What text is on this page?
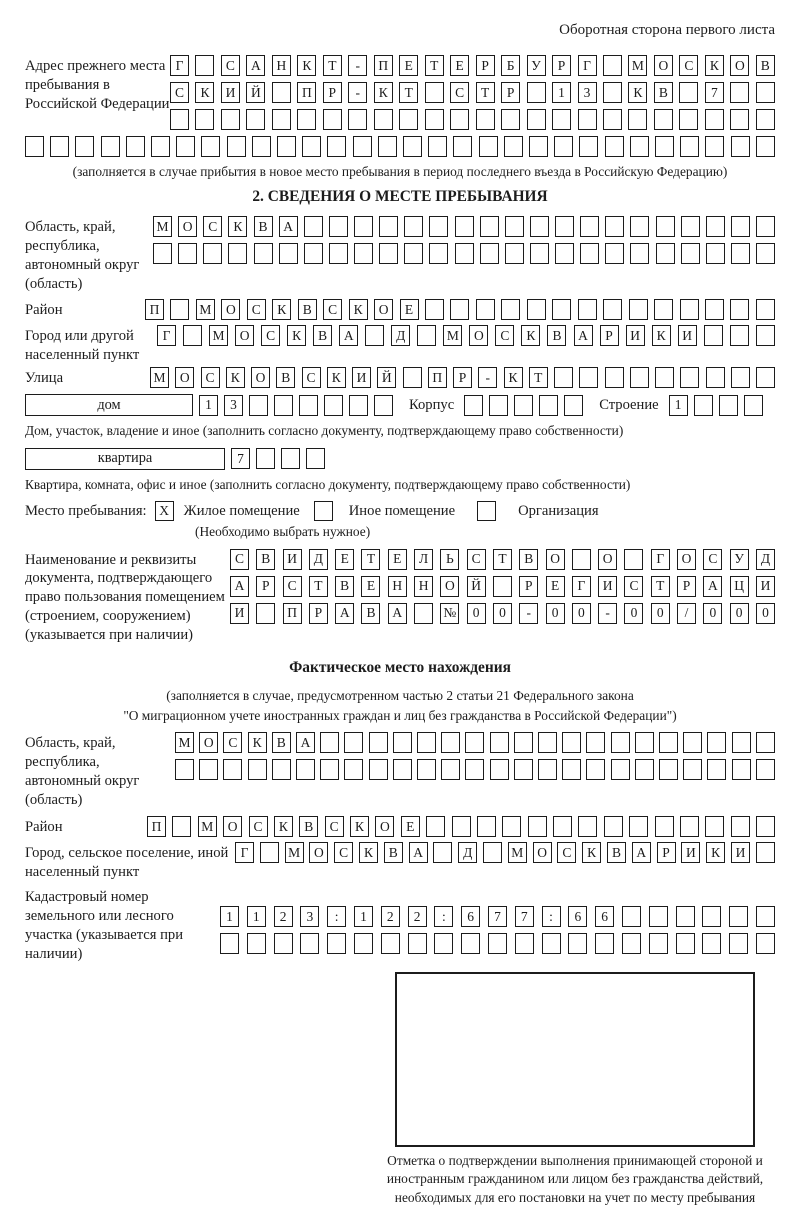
Оборотная сторона первого листа
Адрес прежнего места пребывания в Российской Федерации
Г	С	А	Н	К	Т	-	П	Е	Т	Е	Р	Б	У	Р	Г	М	О	С	К	О	В
С	К	И	Й	П	Р	-	К	Т	С	Т	Р	1	3	К	В	7
(заполняется в случае прибытия в новое место пребывания в период последнего въезда в Российскую Федерацию)
2. СВЕДЕНИЯ О МЕСТЕ ПРЕБЫВАНИЯ
Область, край, республика, автономный округ (область)
М	О	С	К	В	А
Район	П	М	О	С	К	В	С	К	О	Е
Город или другой населенный пункт
Г	М	О	С	К	В	А	Д	М	О	С	К	В	А	Р	И	К	И
Улица	М	О	С	К	О	В	С	К	И	Й	П	Р	-	К	Т
дом	1	3	Корпус	Строение	1
Дом, участок, владение и иное (заполнить согласно документу, подтверждающему право собственности)
квартира	7
Квартира, комната, офис и иное (заполнить согласно документу, подтверждающему право собственности)
Место пребывания: X	Жилое помещение	Иное помещение	Организация
(Необходимо выбрать нужное)
Наименование и реквизиты документа, подтверждающего право пользования помещением (строением, сооружением) (указывается при наличии)
С	В	И	Д	Е	Т	Е	Л	Ь	С	Т	В	О	О	Г	О	С	У	Д
А	Р	С	Т	В	Е	Н	Н	О	Й	Р	Е	Г	И	С	Т	Р	А	Ц	И
И	П	Р	А	В	А	№	0	0	-	0	0	-	0	0	/	0	0	0
Фактическое место нахождения
(заполняется в случае, предусмотренном частью 2 статьи 21 Федерального закона
"О миграционном учете иностранных граждан и лиц без гражданства в Российской Федерации")
Область, край, республика, автономный округ (область)
М О	С	К	В	А
Район	П	М	О	С	К	В	С	К	О	Е
Город, сельское поселение, иной населенный пункт
Г	М	О	С	К	В	А	Д	М	О	С	К	В	А	Р	И	К	И
Кадастровый номер земельного или лесного участка (указывается при наличии)
1	1	2	3	:	1	2	2	:	6	7	7	:	6	6
Отметка о подтверждении выполнения принимающей стороной и иностранным гражданином или лицом без гражданства действий, необходимых для его постановки на учет по месту пребывания
